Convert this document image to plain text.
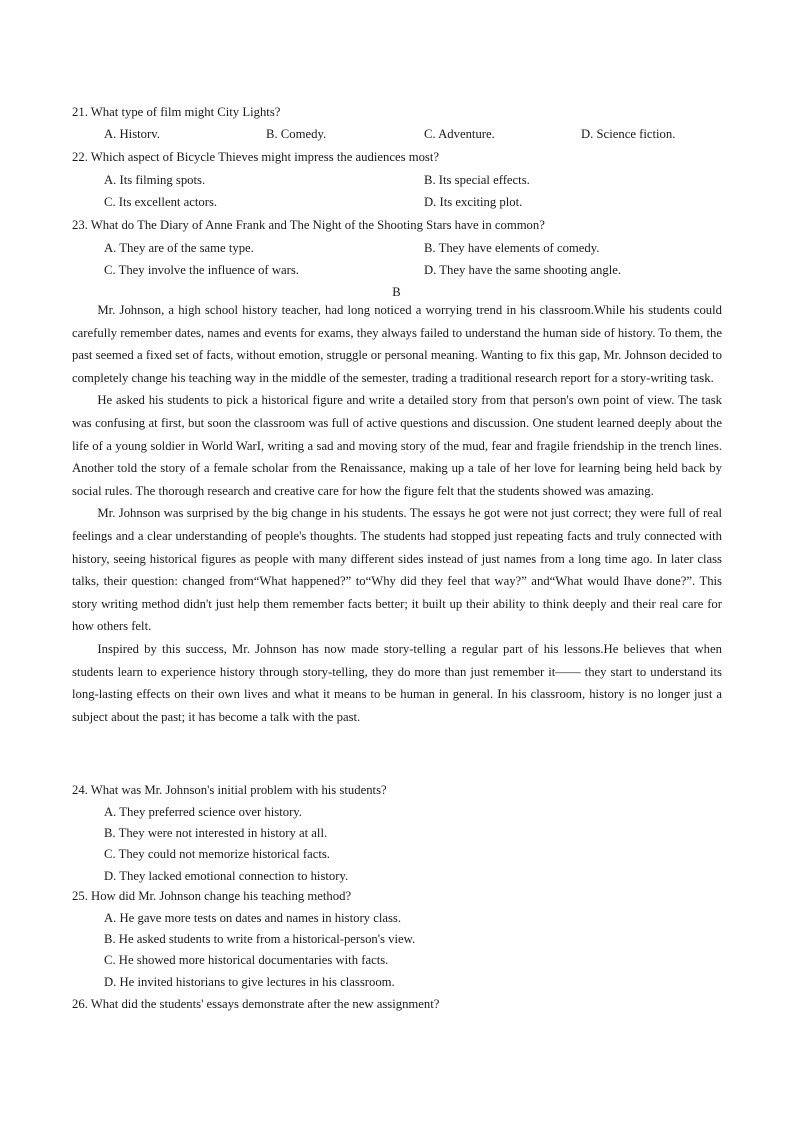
21. What type of film might City Lights?
A. Historv.	B. Comedy.	C. Adventure.	D. Science fiction.
22. Which aspect of Bicycle Thieves might impress the audiences most?
A. Its filming spots.	B. Its special effects.
C. Its excellent actors.	D. Its exciting plot.
23. What do The Diary of Anne Frank and The Night of the Shooting Stars have in common?
A. They are of the same type.	B. They have elements of comedy.
C. They involve the influence of wars.	D. They have the same shooting angle.
B

Mr. Johnson, a high school history teacher, had long noticed a worrying trend in his classroom.While his students could carefully remember dates, names and events for exams, they always failed to understand the human side of history. To them, the past seemed a fixed set of facts, without emotion, struggle or personal meaning. Wanting to fix this gap, Mr. Johnson decided to completely change his teaching way in the middle of the semester, trading a traditional research report for a story-writing task.

He asked his students to pick a historical figure and write a detailed story from that person's own point of view. The task was confusing at first, but soon the classroom was full of active questions and discussion. One student learned deeply about the life of a young soldier in World WarI, writing a sad and moving story of the mud, fear and fragile friendship in the trench lines. Another told the story of a female scholar from the Renaissance, making up a tale of her love for learning being held back by social rules. The thorough research and creative care for how the figure felt that the students showed was amazing.

Mr. Johnson was surprised by the big change in his students. The essays he got were not just correct; they were full of real feelings and a clear understanding of people's thoughts. The students had stopped just repeating facts and truly connected with history, seeing historical figures as people with many different sides instead of just names from a long time ago. In later class talks, their question: changed from“What happened?” to“Why did they feel that way?” and“What would Ihave done?”. This story writing method didn't just help them remember facts better; it built up their ability to think deeply and their real care for how others felt.

Inspired by this success, Mr. Johnson has now made story-telling a regular part of his lessons.He believes that when students learn to experience history through story-telling, they do more than just remember it—— they start to understand its long-lasting effects on their own lives and what it means to be human in general. In his classroom, history is no longer just a subject about the past; it has become a talk with the past.

24. What was Mr. Johnson's initial problem with his students?
A. They preferred science over history.
B. They were not interested in history at all.
C. They could not memorize historical facts.
D. They lacked emotional connection to history.
25. How did Mr. Johnson change his teaching method?
A. He gave more tests on dates and names in history class.
B. He asked students to write from a historical-person's view.
C. He showed more historical documentaries with facts.
D. He invited historians to give lectures in his classroom.
26. What did the students' essays demonstrate after the new assignment?
